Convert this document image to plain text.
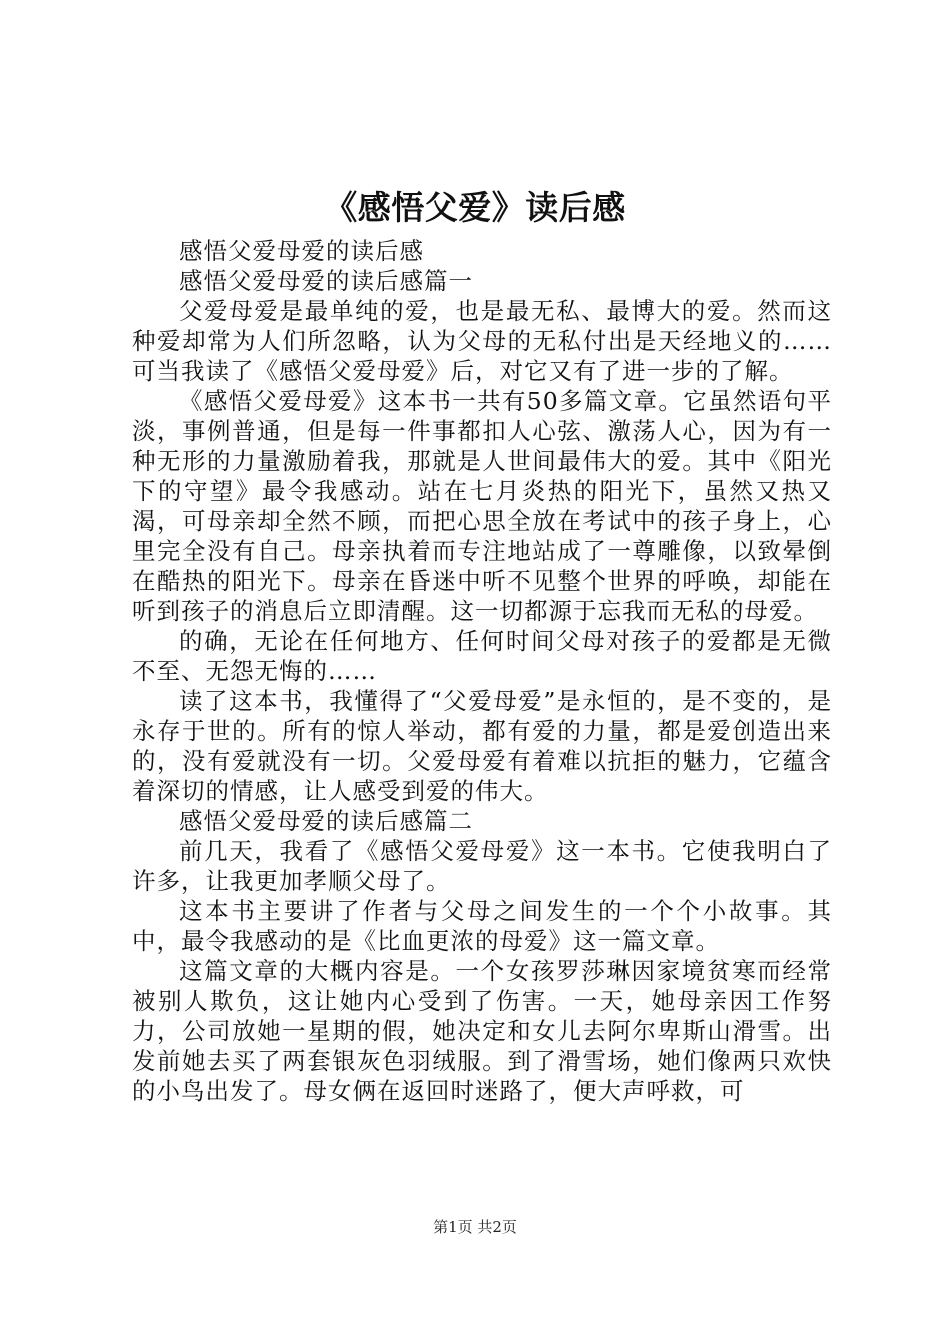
《感悟父爱》读后感

感悟父爱母爱的读后感

感悟父爱母爱的读后感篇一

父爱母爱是最单纯的爱，也是最无私、最博大的爱。然而这种爱却常为人们所忽略，认为父母的无私付出是天经地义的……可当我读了《感悟父爱母爱》后，对它又有了进一步的了解。

《感悟父爱母爱》这本书一共有50多篇文章。它虽然语句平淡，事例普通，但是每一件事都扣人心弦、激荡人心，因为有一种无形的力量激励着我，那就是人世间最伟大的爱。其中《阳光下的守望》最令我感动。站在七月炎热的阳光下，虽然又热又渴，可母亲却全然不顾，而把心思全放在考试中的孩子身上，心里完全没有自己。母亲执着而专注地站成了一尊雕像，以致晕倒在酷热的阳光下。母亲在昏迷中听不见整个世界的呼唤，却能在听到孩子的消息后立即清醒。这一切都源于忘我而无私的母爱。

的确，无论在任何地方、任何时间父母对孩子的爱都是无微不至、无怨无悔的……

读了这本书，我懂得了“父爱母爱”是永恒的，是不变的，是永存于世的。所有的惊人举动，都有爱的力量，都是爱创造出来的，没有爱就没有一切。父爱母爱有着难以抗拒的魅力，它蕴含着深切的情感，让人感受到爱的伟大。

感悟父爱母爱的读后感篇二

前几天，我看了《感悟父爱母爱》这一本书。它使我明白了许多，让我更加孝顺父母了。

这本书主要讲了作者与父母之间发生的一个个小故事。其中，最令我感动的是《比血更浓的母爱》这一篇文章。

这篇文章的大概内容是。一个女孩罗莎琳因家境贫寒而经常被别人欺负，这让她内心受到了伤害。一天，她母亲因工作努力，公司放她一星期的假，她决定和女儿去阿尔卑斯山滑雪。出发前她去买了两套银灰色羽绒服。到了滑雪场，她们像两只欢快的小鸟出发了。母女俩在返回时迷路了，便大声呼救，可

第1页 共2页
